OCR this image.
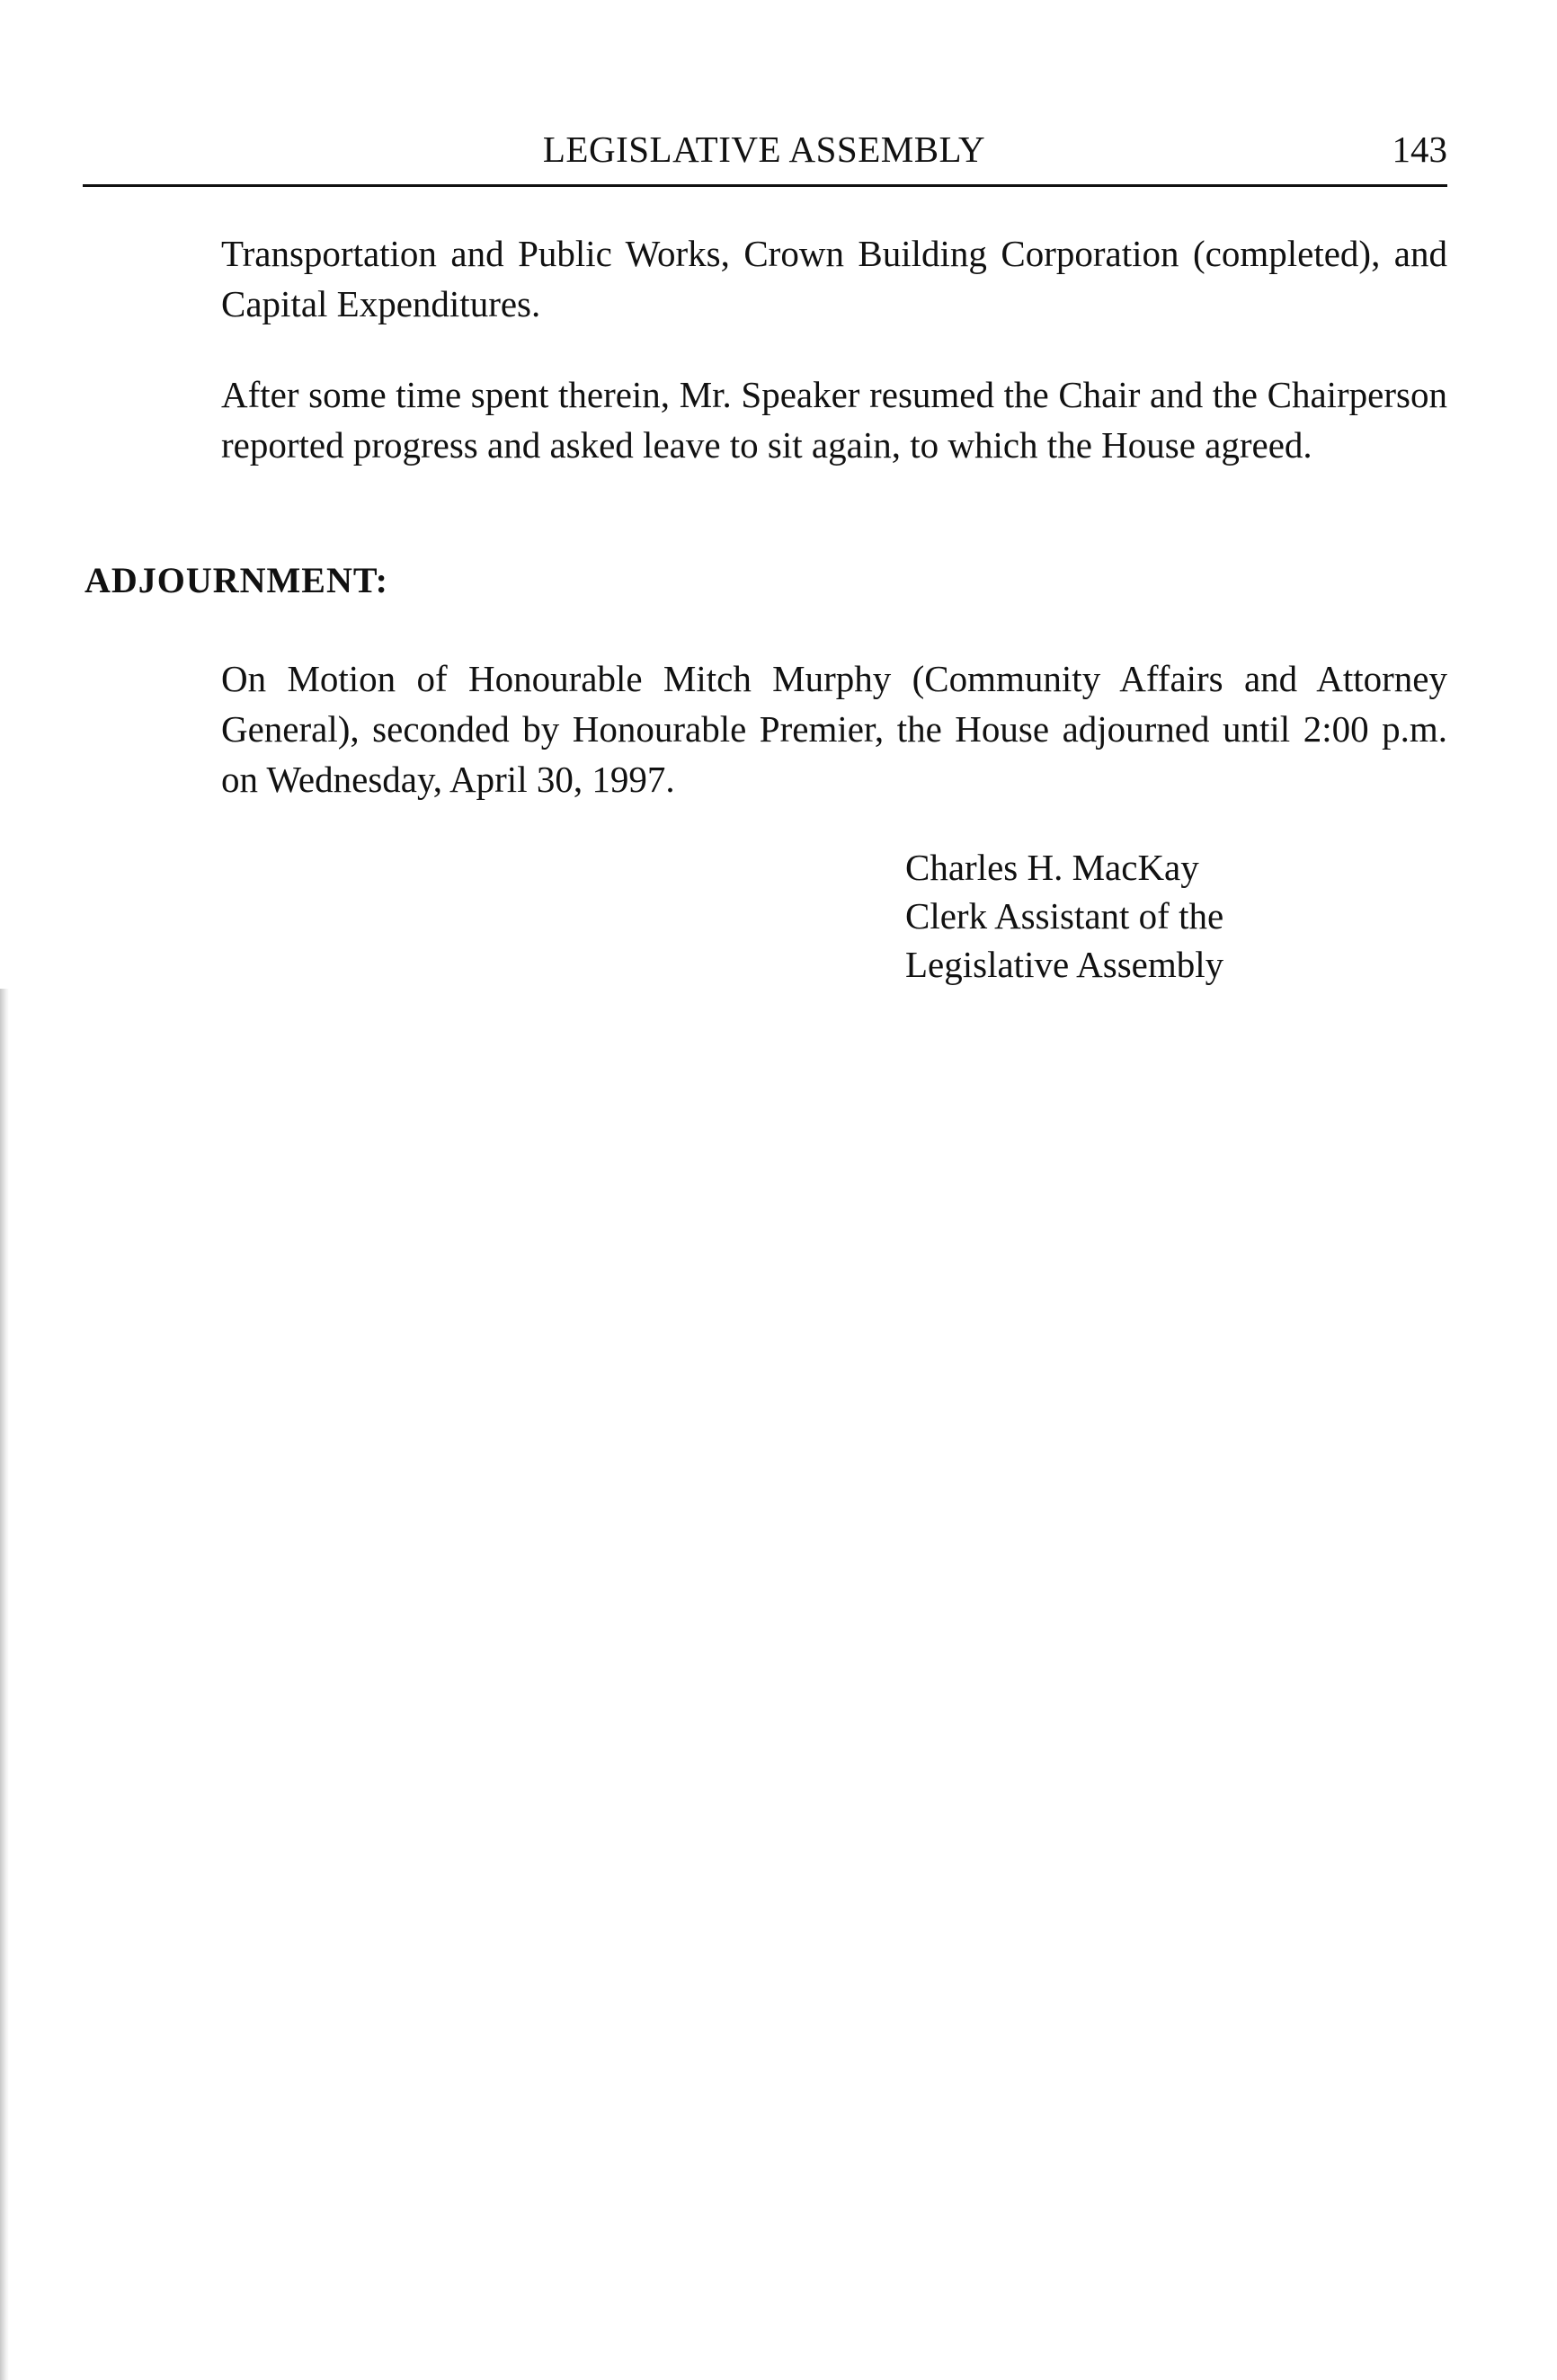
LEGISLATIVE ASSEMBLY	143

Transportation and Public Works, Crown Building Corporation (completed), and Capital Expenditures.

After some time spent therein, Mr. Speaker resumed the Chair and the Chairperson reported progress and asked leave to sit again, to which the House agreed.

ADJOURNMENT:

On Motion of Honourable Mitch Murphy (Community Affairs and Attorney General), seconded by Honourable Premier, the House adjourned until 2:00 p.m. on Wednesday, April 30, 1997.

Charles H. MacKay
Clerk Assistant of the
Legislative Assembly
